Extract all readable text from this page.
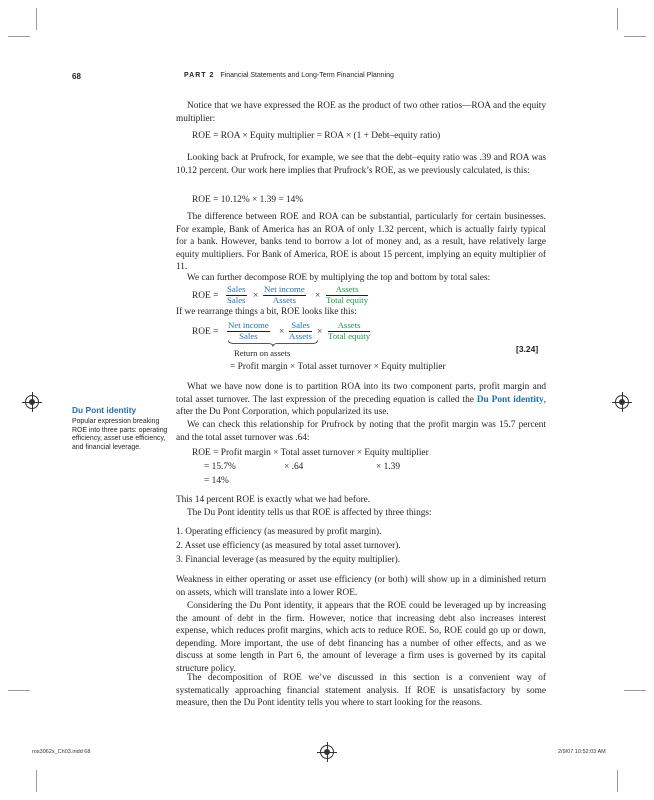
68	PART 2 Financial Statements and Long-Term Financial Planning

Notice that we have expressed the ROE as the product of two other ratios—ROA and the equity multiplier:

ROE = ROA × Equity multiplier = ROA × (1 + Debt–equity ratio)

Looking back at Prufrock, for example, we see that the debt–equity ratio was .39 and ROA was 10.12 percent. Our work here implies that Prufrock’s ROE, as we previously calculated, is this:

ROE = 10.12% × 1.39 = 14%

The difference between ROE and ROA can be substantial, particularly for certain businesses. For example, Bank of America has an ROA of only 1.32 percent, which is actually fairly typical for a bank. However, banks tend to borrow a lot of money and, as a result, have relatively large equity multipliers. For Bank of America, ROE is about 15 percent, implying an equity multiplier of 11.

We can further decompose ROE by multiplying the top and bottom by total sales:

ROE =
Sales
Sales ×
Net income
Assets	×
Assets
Total equity

If we rearrange things a bit, ROE looks like this:

ROE =
Net income
Sales	×
Sales
Assets ×
Assets
Total equity
Return on assets	[3.24]
= Profit margin × Total asset turnover × Equity multiplier

What we have now done is to partition ROA into its two component parts, profit margin and total asset turnover. The last expression of the preceding equation is called the Du Pont identity, after the Du Pont Corporation, which popularized its use.

We can check this relationship for Prufrock by noting that the profit margin was 15.7 percent and the total asset turnover was .64:

Du Pont identity
Popular expression breaking ROE into three parts: operating efficiency, asset use efficiency, and financial leverage.
ROE = Profit margin × Total asset turnover × Equity multiplier
= 15.7%	× .64	× 1.39
= 14%

This 14 percent ROE is exactly what we had before.

The Du Pont identity tells us that ROE is affected by three things:

1. Operating efficiency (as measured by profit margin).
2. Asset use efficiency (as measured by total asset turnover).
3. Financial leverage (as measured by the equity multiplier).

Weakness in either operating or asset use efficiency (or both) will show up in a diminished return on assets, which will translate into a lower ROE.

Considering the Du Pont identity, it appears that the ROE could be leveraged up by increasing the amount of debt in the firm. However, notice that increasing debt also increases interest expense, which reduces profit margins, which acts to reduce ROE. So, ROE could go up or down, depending. More important, the use of debt financing has a number of other effects, and as we discuss at some length in Part 6, the amount of leverage a firm uses is governed by its capital structure policy.

The decomposition of ROE we’ve discussed in this section is a convenient way of systematically approaching financial statement analysis. If ROE is unsatisfactory by some measure, then the Du Pont identity tells you where to start looking for the reasons.

ros3062x_Ch03.indd 68	2/9/07 10:52:03 AM
